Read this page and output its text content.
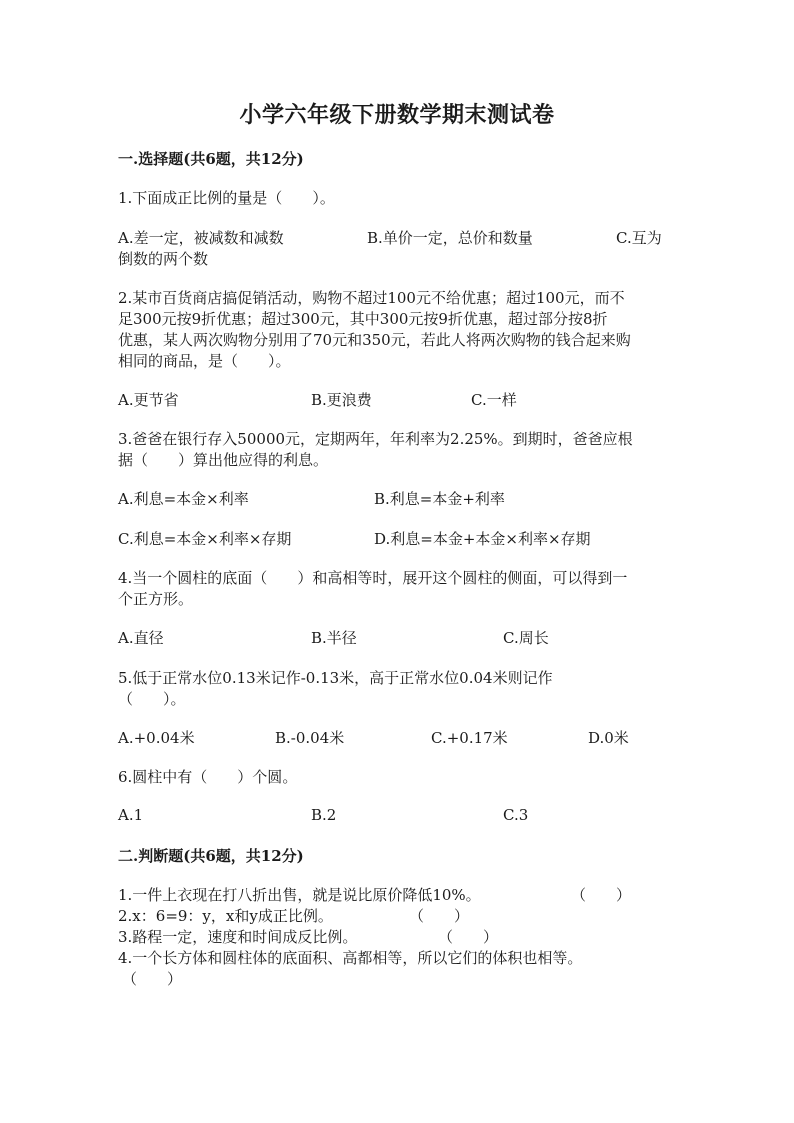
小学六年级下册数学期末测试卷
一.选择题(共6题，共12分)
1.下面成正比例的量是（　　）。
A.差一定，被减数和减数	B.单价一定，总价和数量	C.互为
倒数的两个数
2.某市百货商店搞促销活动，购物不超过100元不给优惠；超过100元，而不
足300元按9折优惠；超过300元，其中300元按9折优惠，超过部分按8折
优惠，某人两次购物分别用了70元和350元，若此人将两次购物的钱合起来购
相同的商品，是（　　）。
A.更节省	B.更浪费	C.一样
3.爸爸在银行存入50000元，定期两年，年利率为2.25%。到期时，爸爸应根
据（　　）算出他应得的利息。
A.利息=本金×利率	B.利息=本金+利率
C.利息=本金×利率×存期	D.利息=本金+本金×利率×存期
4.当一个圆柱的底面（　　）和高相等时，展开这个圆柱的侧面，可以得到一
个正方形。
A.直径	B.半径	C.周长
5.低于正常水位0.13米记作-0.13米，高于正常水位0.04米则记作
（　　）。
A.+0.04米	B.-0.04米	C.+0.17米	D.0米
6.圆柱中有（　　）个圆。
A.1	B.2	C.3
二.判断题(共6题，共12分)
1.一件上衣现在打八折出售，就是说比原价降低10%。	（　　）
2.x：6=9：y，x和y成正比例。	（　　）
3.路程一定，速度和时间成反比例。	（　　）
4.一个长方体和圆柱体的底面积、高都相等，所以它们的体积也相等。
（　　）
